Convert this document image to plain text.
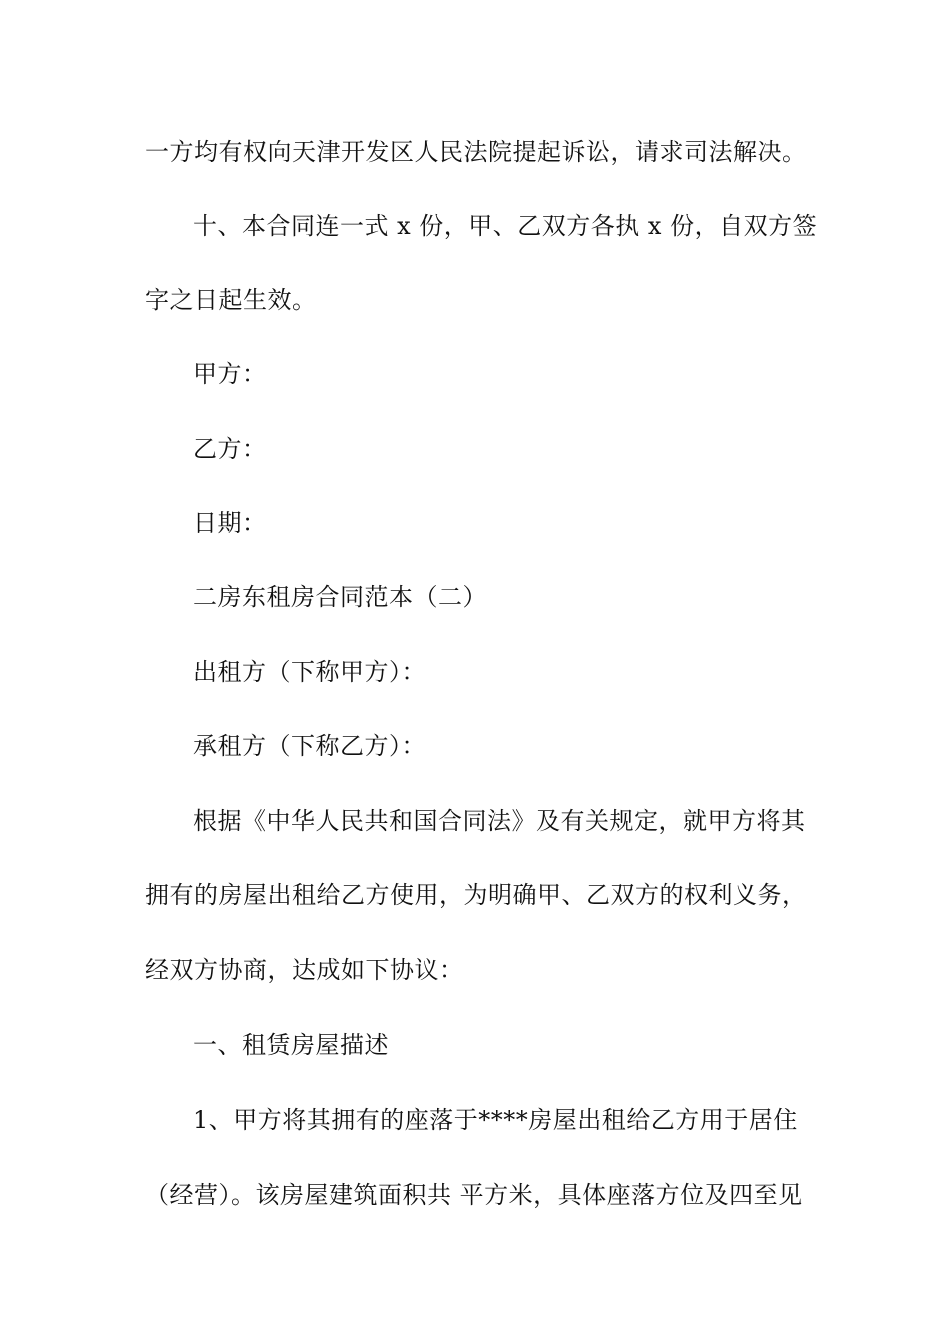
一方均有权向天津开发区人民法院提起诉讼，请求司法解决。
十、本合同连一式 x 份，甲、乙双方各执 x 份，自双方签
字之日起生效。
甲方：
乙方：
日期：
二房东租房合同范本（二）
出租方（下称甲方）：
承租方（下称乙方）：
根据《中华人民共和国合同法》及有关规定，就甲方将其
拥有的房屋出租给乙方使用，为明确甲、乙双方的权利义务，
经双方协商，达成如下协议：
一、租赁房屋描述
1、甲方将其拥有的座落于****房屋出租给乙方用于居住
（经营）。该房屋建筑面积共 平方米，具体座落方位及四至见
